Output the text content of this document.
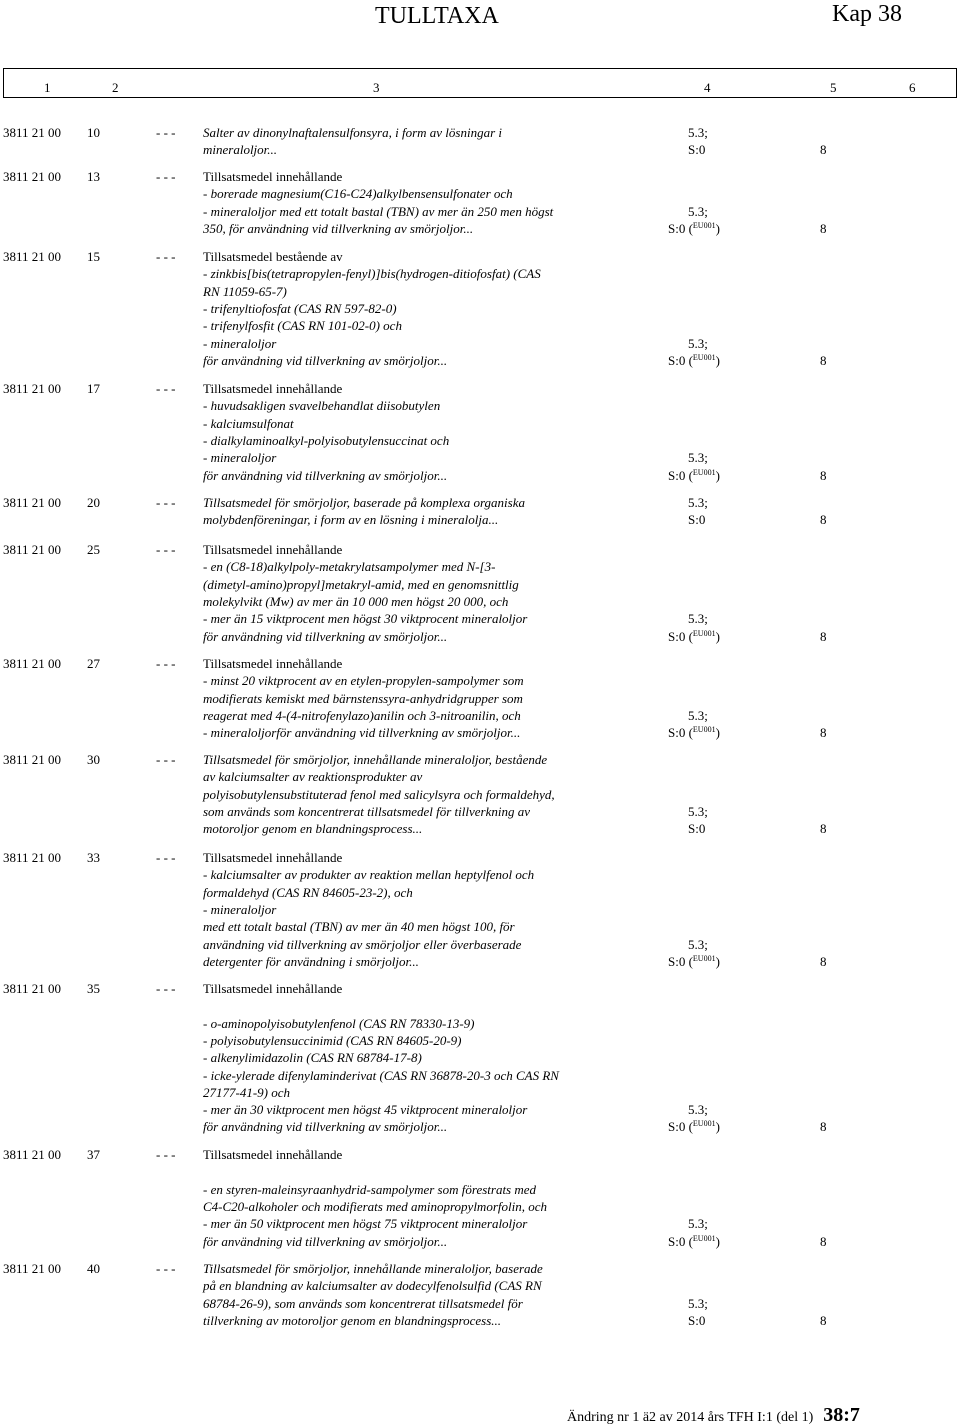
TULLTAXA	Kap 38
1	2	3	4	5	6
3811 21 00	10	- - - Salter av dinonylnaftalensulfonsyra, i form av lösningar i
mineraloljor...
5.3;
S:0	8
3811 21 00	13	- - - Tillsatsmedel innehållande
- borerade magnesium(C16-C24)alkylbensensulfonater och
- mineraloljor med ett totalt bastal (TBN) av mer än 250 men högst
350, för användning vid tillverkning av smörjoljor...
5.3;
S:0 ($^{EU001}$)	8
3811 21 00	15	- - - Tillsatsmedel bestående av
- zinkbis[bis(tetrapropylen-fenyl)]bis(hydrogen-ditiofosfat) (CAS
RN 11059-65-7)
- trifenyltiofosfat (CAS RN 597-82-0)
- trifenylfosfit (CAS RN 101-02-0) och
- mineraloljor
för användning vid tillverkning av smörjoljor...
5.3;
S:0 ($^{EU001}$)	8
3811 21 00	17	- - - Tillsatsmedel innehållande
- huvudsakligen svavelbehandlat diisobutylen
- kalciumsulfonat
- dialkylaminoalkyl-polyisobutylensuccinat och
- mineraloljor
för användning vid tillverkning av smörjoljor...
5.3;
S:0 ($^{EU001}$)	8
3811 21 00	20	- - - Tillsatsmedel för smörjoljor, baserade på komplexa organiska
molybdenföreningar, i form av en lösning i mineralolja...
5.3;
S:0	8
3811 21 00	25	- - - Tillsatsmedel innehållande
- en (C8-18)alkylpoly-metakrylatsampolymer med N-[3-
(dimetyl-amino)propyl]metakryl-amid, med en genomsnittlig
molekylvikt (Mw) av mer än 10 000 men högst 20 000, och
- mer än 15 viktprocent men högst 30 viktprocent mineraloljor
för användning vid tillverkning av smörjoljor...
5.3;
S:0 ($^{EU001}$)	8
3811 21 00	27	- - - Tillsatsmedel innehållande
- minst 20 viktprocent av en etylen-propylen-sampolymer som
modifierats kemiskt med bärnstenssyra-anhydridgrupper som
reagerat med 4-(4-nitrofenylazo)anilin och 3-nitroanilin, och
- mineraloljorför användning vid tillverkning av smörjoljor...
5.3;
S:0 ($^{EU001}$)	8
3811 21 00	30	- - - Tillsatsmedel för smörjoljor, innehållande mineraloljor, bestående
av kalciumsalter av reaktionsprodukter av
polyisobutylensubstituterad fenol med salicylsyra och formaldehyd,
som används som koncentrerat tillsatsmedel för tillverkning av
motoroljor genom en blandningsprocess...
5.3;
S:0	8
3811 21 00	33	- - - Tillsatsmedel innehållande
- kalciumsalter av produkter av reaktion mellan heptylfenol och
formaldehyd (CAS RN 84605-23-2), och
- mineraloljor
med ett totalt bastal (TBN) av mer än 40 men högst 100, för
användning vid tillverkning av smörjoljor eller överbaserade
detergenter för användning i smörjoljor...
5.3;
S:0 ($^{EU001}$)	8
3811 21 00	35	- - - Tillsatsmedel innehållande
- o-aminopolyisobutylenfenol (CAS RN 78330-13-9)
- polyisobutylensuccinimid (CAS RN 84605-20-9)
- alkenylimidazolin (CAS RN 68784-17-8)
- icke-ylerade difenylaminderivat (CAS RN 36878-20-3 och CAS RN
27177-41-9) och
- mer än 30 viktprocent men högst 45 viktprocent mineraloljor
för användning vid tillverkning av smörjoljor...
5.3;
S:0 ($^{EU001}$)	8
3811 21 00	37	- - - Tillsatsmedel innehållande
- en styren-maleinsyraanhydrid-sampolymer som förestrats med
C4-C20-alkoholer och modifierats med aminopropylmorfolin, och
- mer än 50 viktprocent men högst 75 viktprocent mineraloljor
för användning vid tillverkning av smörjoljor...
5.3;
S:0 ($^{EU001}$)	8
3811 21 00	40	- - - Tillsatsmedel för smörjoljor, innehållande mineraloljor, baserade
på en blandning av kalciumsalter av dodecylfenolsulfid (CAS RN
68784-26-9), som används som koncentrerat tillsatsmedel för
tillverkning av motoroljor genom en blandningsprocess...
5.3;
S:0	8
Ändring nr 1 ä2 av 2014 års TFH I:1 (del 1) 38:7
